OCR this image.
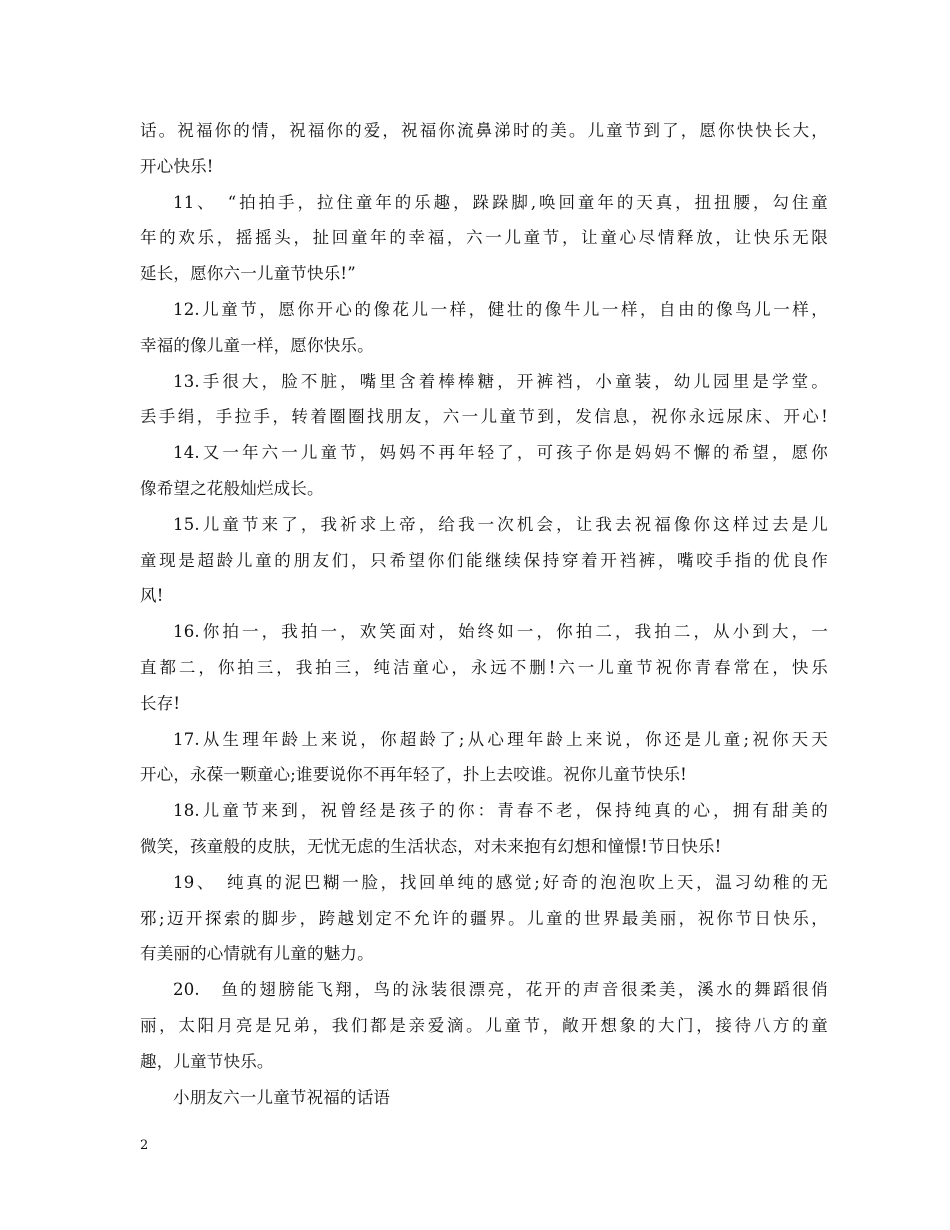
话。祝福你的情，祝福你的爱，祝福你流鼻涕时的美。儿童节到了，愿你快快长大，
开心快乐!
11、　“拍拍手，拉住童年的乐趣，跺跺脚,唤回童年的天真，扭扭腰，勾住童
年的欢乐，摇摇头，扯回童年的幸福，六一儿童节，让童心尽情释放，让快乐无限
延长，愿你六一儿童节快乐!”
12.儿童节，愿你开心的像花儿一样，健壮的像牛儿一样，自由的像鸟儿一样，
幸福的像儿童一样，愿你快乐。
13.手很大，脸不脏，嘴里含着棒棒糖，开裤裆，小童装，幼儿园里是学堂。
丢手绢，手拉手，转着圈圈找朋友，六一儿童节到，发信息，祝你永远尿床、开心!
14.又一年六一儿童节，妈妈不再年轻了，可孩子你是妈妈不懈的希望，愿你
像希望之花般灿烂成长。
15.儿童节来了，我祈求上帝，给我一次机会，让我去祝福像你这样过去是儿
童现是超龄儿童的朋友们，只希望你们能继续保持穿着开裆裤，嘴咬手指的优良作
风!
16.你拍一，我拍一，欢笑面对，始终如一，你拍二，我拍二，从小到大，一
直都二，你拍三，我拍三，纯洁童心，永远不删!六一儿童节祝你青春常在，快乐
长存!
17.从生理年龄上来说，你超龄了;从心理年龄上来说，你还是儿童;祝你天天
开心，永葆一颗童心;谁要说你不再年轻了，扑上去咬谁。祝你儿童节快乐!
18.儿童节来到，祝曾经是孩子的你：青春不老，保持纯真的心，拥有甜美的
微笑，孩童般的皮肤，无忧无虑的生活状态，对未来抱有幻想和憧憬!节日快乐!
19、　纯真的泥巴糊一脸，找回单纯的感觉;好奇的泡泡吹上天，温习幼稚的无
邪;迈开探索的脚步，跨越划定不允许的疆界。儿童的世界最美丽，祝你节日快乐，
有美丽的心情就有儿童的魅力。
20.　鱼的翅膀能飞翔，鸟的泳装很漂亮，花开的声音很柔美，溪水的舞蹈很俏
丽，太阳月亮是兄弟，我们都是亲爱滴。儿童节，敞开想象的大门，接待八方的童
趣，儿童节快乐。
小朋友六一儿童节祝福的话语
2
